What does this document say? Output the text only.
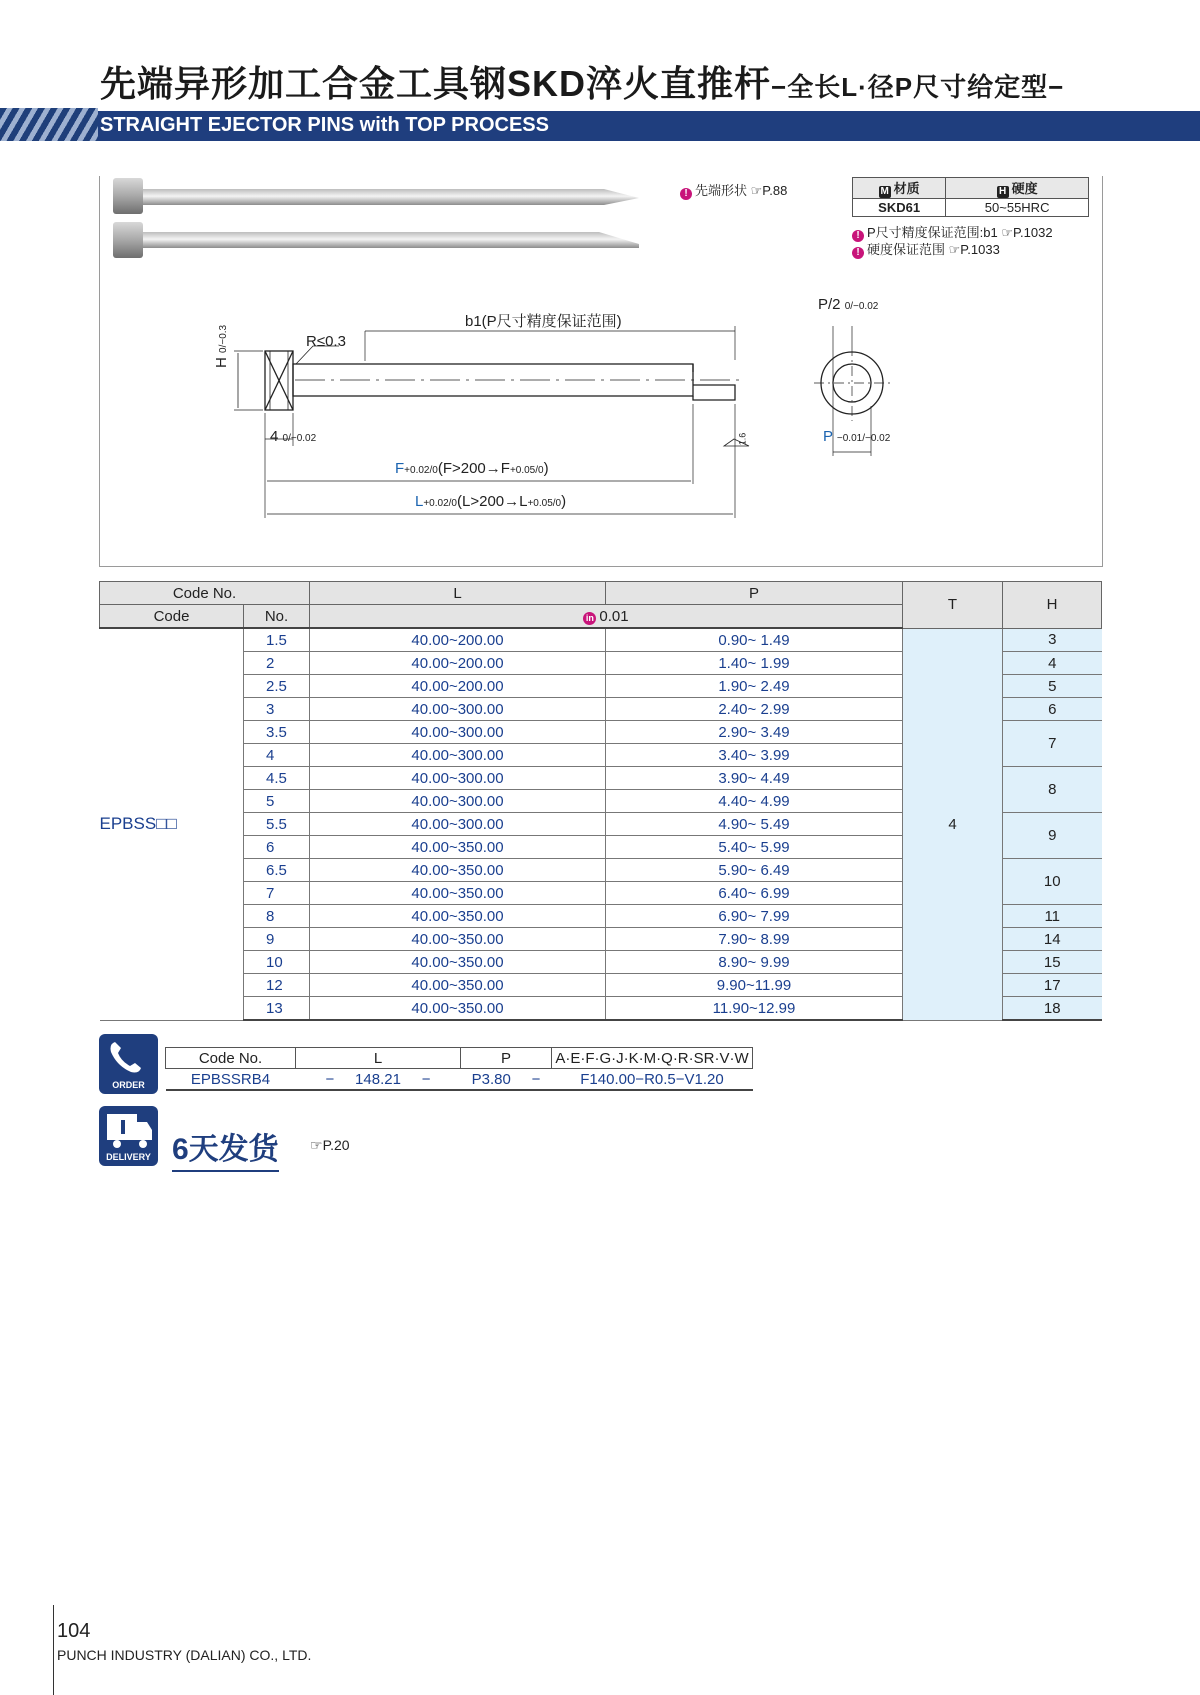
先端异形加工合金工具钢SKD淬火直推杆−全长L·径P尺寸给定型−
STRAIGHT EJECTOR PINS with TOP PROCESS
b1(P尺寸精度保证范围)
R≤0.3
H 0/−0.3
4 0/−0.02
F+0.02/0(F>200→F+0.05/0)
L+0.02/0(L>200→L+0.05/0)
1.6
P/2 0/−0.02
P −0.01/−0.02
! 先端形状 ☞P.88	M 材质	H 硬度
SKD61	50~55HRC
! P尺寸精度保证范围:b1 ☞P.1032
! 硬度保证范围 ☞P.1033
Code No.		L	P	T	H
Code	No.	in 0.01			
EPBSS□□	1.5	40.00~200.00	0.90~ 1.49	4	3
	2	40.00~200.00	1.40~ 1.99		4
	2.5	40.00~200.00	1.90~ 2.49		5
	3	40.00~300.00	2.40~ 2.99		6
	3.5	40.00~300.00	2.90~ 3.49		7
	4	40.00~300.00	3.40~ 3.99		
	4.5	40.00~300.00	3.90~ 4.49		8
	5	40.00~300.00	4.40~ 4.99		
	5.5	40.00~300.00	4.90~ 5.49		9
	6	40.00~350.00	5.40~ 5.99		
	6.5	40.00~350.00	5.90~ 6.49		10
	7	40.00~350.00	6.40~ 6.99		
	8	40.00~350.00	6.90~ 7.99		11
	9	40.00~350.00	7.90~ 8.99		14
	10	40.00~350.00	8.90~ 9.99		15
	12	40.00~350.00	9.90~11.99		17
	13	40.00~350.00	11.90~12.99		18
ORDER
Code No.	L	P	A·E·F·G·J·K·M·Q·R·SR·V·W
EPBSSRB4	− 148.21 −	P3.80 −	F140.00−R0.5−V1.20
DELIVERY 6天发货 ☞P.20
104
PUNCH INDUSTRY (DALIAN) CO., LTD.
